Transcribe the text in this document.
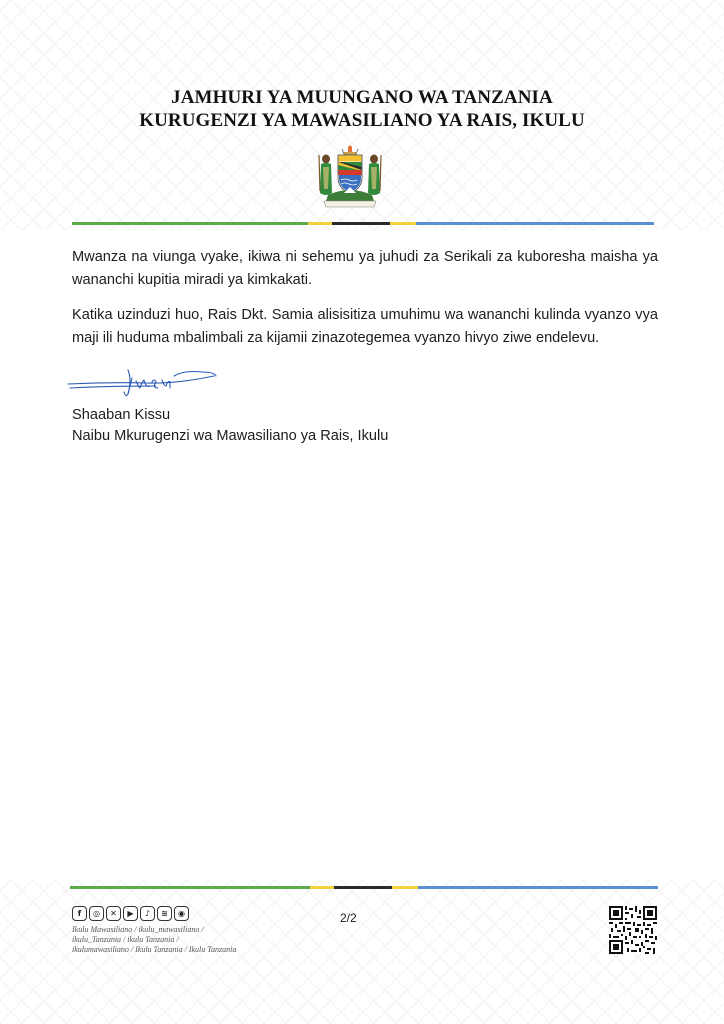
JAMHURI YA MUUNGANO WA TANZANIA
KURUGENZI YA MAWASILIANO YA RAIS, IKULU

Mwanza na viunga vyake, ikiwa ni sehemu ya juhudi za Serikali za kuboresha maisha ya wananchi kupitia miradi ya kimkakati.

Katika uzinduzi huo, Rais Dkt. Samia alisisitiza umuhimu wa wananchi kulinda vyanzo vya maji ili huduma mbalimbali za kijamii zinazotegemea vyanzo hivyo ziwe endelevu.

Shaaban Kissu
Naibu Mkurugenzi wa Mawasiliano ya Rais, Ikulu
f	◎	✕	▶	♪	≋	◉
Ikulu Mawasiliano / ikulu_mawasiliano /
ikulu_Tanzania / ikulu Tanzania /
ikulumawasiliano / Ikulu Tanzania / Ikulu Tanzania
2/2
